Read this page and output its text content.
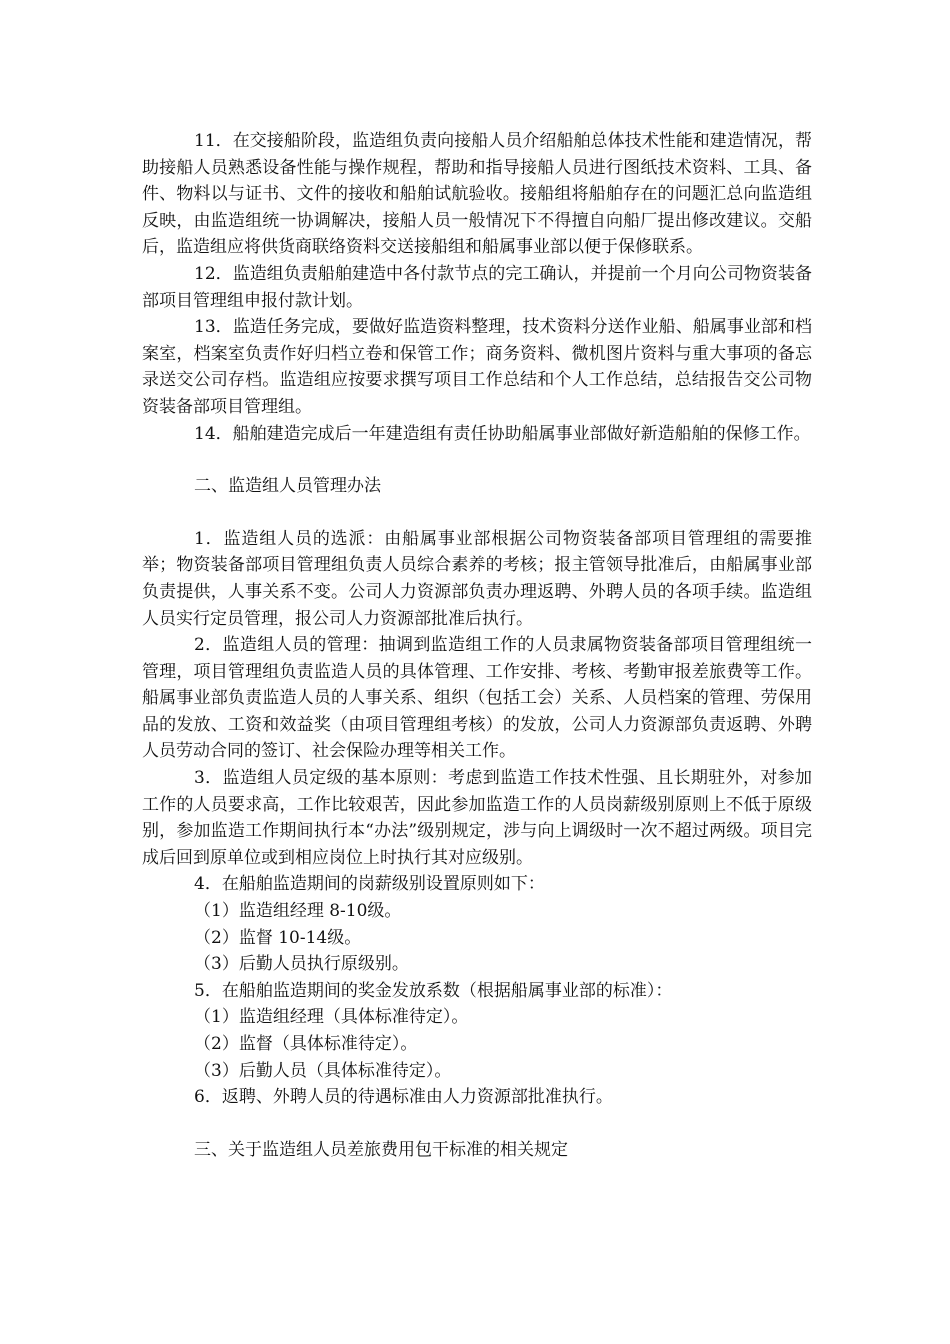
11．在交接船阶段，监造组负责向接船人员介绍船舶总体技术性能和建造情况，帮助接船人员熟悉设备性能与操作规程，帮助和指导接船人员进行图纸技术资料、工具、备件、物料以与证书、文件的接收和船舶试航验收。接船组将船舶存在的问题汇总向监造组反映，由监造组统一协调解决，接船人员一般情况下不得擅自向船厂提出修改建议。交船后，监造组应将供货商联络资料交送接船组和船属事业部以便于保修联系。

12．监造组负责船舶建造中各付款节点的完工确认，并提前一个月向公司物资装备部项目管理组申报付款计划。

13．监造任务完成，要做好监造资料整理，技术资料分送作业船、船属事业部和档案室，档案室负责作好归档立卷和保管工作；商务资料、微机图片资料与重大事项的备忘录送交公司存档。监造组应按要求撰写项目工作总结和个人工作总结，总结报告交公司物资装备部项目管理组。

14．船舶建造完成后一年建造组有责任协助船属事业部做好新造船舶的保修工作。

二、监造组人员管理办法

1．监造组人员的选派：由船属事业部根据公司物资装备部项目管理组的需要推举；物资装备部项目管理组负责人员综合素养的考核；报主管领导批准后，由船属事业部负责提供，人事关系不变。公司人力资源部负责办理返聘、外聘人员的各项手续。监造组人员实行定员管理，报公司人力资源部批准后执行。

2．监造组人员的管理：抽调到监造组工作的人员隶属物资装备部项目管理组统一管理，项目管理组负责监造人员的具体管理、工作安排、考核、考勤审报差旅费等工作。船属事业部负责监造人员的人事关系、组织（包括工会）关系、人员档案的管理、劳保用品的发放、工资和效益奖（由项目管理组考核）的发放，公司人力资源部负责返聘、外聘人员劳动合同的签订、社会保险办理等相关工作。

3．监造组人员定级的基本原则：考虑到监造工作技术性强、且长期驻外，对参加工作的人员要求高，工作比较艰苦，因此参加监造工作的人员岗薪级别原则上不低于原级别，参加监造工作期间执行本“办法”级别规定，涉与向上调级时一次不超过两级。项目完成后回到原单位或到相应岗位上时执行其对应级别。

4．在船舶监造期间的岗薪级别设置原则如下：

（1）监造组经理 8-10级。

（2）监督 10-14级。

（3）后勤人员执行原级别。

5．在船舶监造期间的奖金发放系数（根据船属事业部的标准）：

（1）监造组经理（具体标准待定）。

（2）监督（具体标准待定）。

（3）后勤人员（具体标准待定）。

6．返聘、外聘人员的待遇标准由人力资源部批准执行。

三、关于监造组人员差旅费用包干标准的相关规定
